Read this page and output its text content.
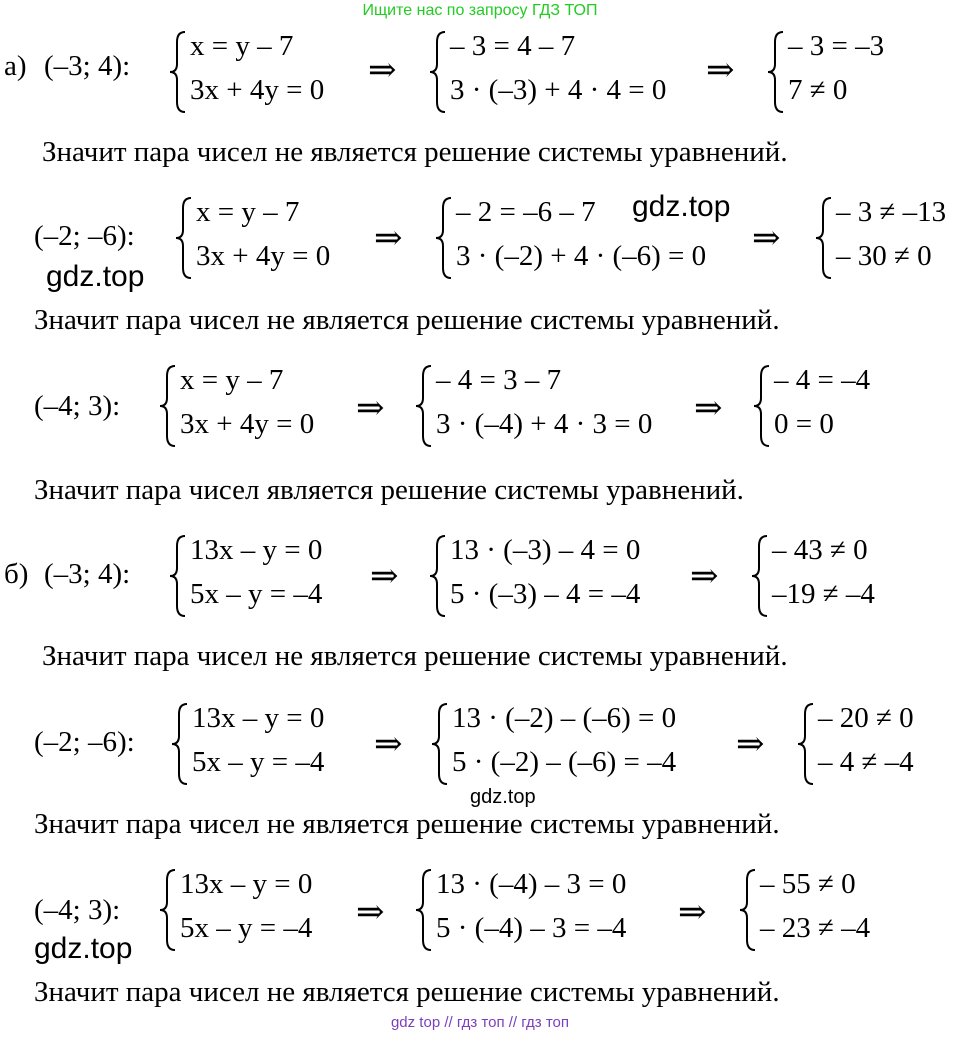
Ищите нас по запросу ГДЗ ТОП
а) (–3; 4):
x = y – 7
3x + 4y = 0
⇒
– 3 = 4 – 7
3 · (–3) + 4 · 4 = 0
⇒
– 3 = –3
7 ≠ 0
Значит пара чисел не является решение системы уравнений.
(–2; –6):
gdz.top
x = y – 7
3x + 4y = 0 ⇒
– 2 = –6 – 7
3 · (–2) + 4 · (–6) = 0
gdz.top
⇒
– 3 ≠ –13
– 30 ≠ 0
Значит пара чисел не является решение системы уравнений.
(–4; 3):
x = y – 7
3x + 4y = 0 ⇒
– 4 = 3 – 7
3 · (–4) + 4 · 3 = 0 ⇒
– 4 = –4
0 = 0
Значит пара чисел является решение системы уравнений.
б) (–3; 4):
13x – y = 0
5x – y = –4 ⇒
13 · (–3) – 4 = 0
5 · (–3) – 4 = –4 ⇒
– 43 ≠ 0
–19 ≠ –4
Значит пара чисел не является решение системы уравнений.
(–2; –6):
13x – y = 0
5x – y = –4 ⇒
13 · (–2) – (–6) = 0
5 · (–2) – (–6) = –4 ⇒
– 20 ≠ 0
– 4 ≠ –4
gdz.top
Значит пара чисел не является решение системы уравнений.
(–4; 3):
gdz.top
13x – y = 0
5x – y = –4 ⇒
13 · (–4) – 3 = 0
5 · (–4) – 3 = –4 ⇒
– 55 ≠ 0
– 23 ≠ –4
Значит пара чисел не является решение системы уравнений.
gdz top // гдз топ // гдз топ
